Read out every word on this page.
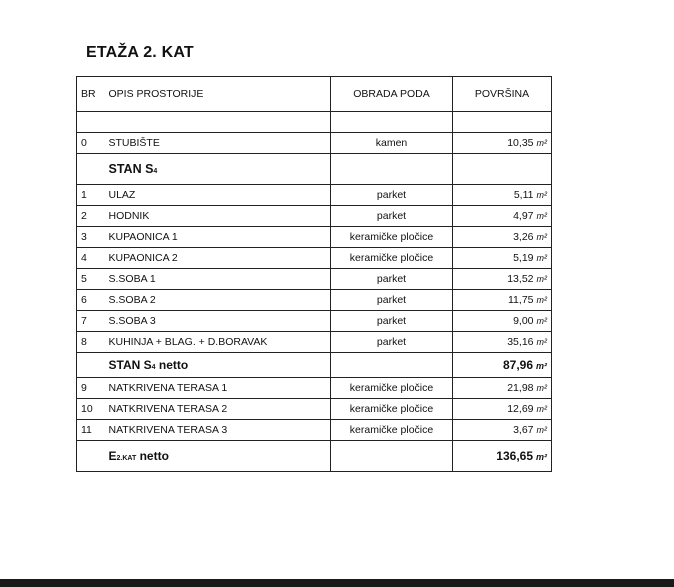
ETAŽA 2. KAT
BR	OPIS PROSTORIJE	OBRADA PODA	POVRŠINA

0	STUBIŠTE	kamen	10,35 m²
	STAN S4		
1	ULAZ	parket	5,11 m²
2	HODNIK	parket	4,97 m²
3	KUPAONICA 1	keramičke pločice	3,26 m²
4	KUPAONICA 2	keramičke pločice	5,19 m²
5	S.SOBA 1	parket	13,52 m²
6	S.SOBA 2	parket	11,75 m²
7	S.SOBA 3	parket	9,00 m²
8	KUHINJA + BLAG. + D.BORAVAK	parket	35,16 m²
	STAN S4 netto		87,96 m²
9	NATKRIVENA TERASA 1	keramičke pločice	21,98 m²
10	NATKRIVENA TERASA 2	keramičke pločice	12,69 m²
11	NATKRIVENA TERASA 3	keramičke pločice	3,67 m²
	E2.KAT netto		136,65 m²
